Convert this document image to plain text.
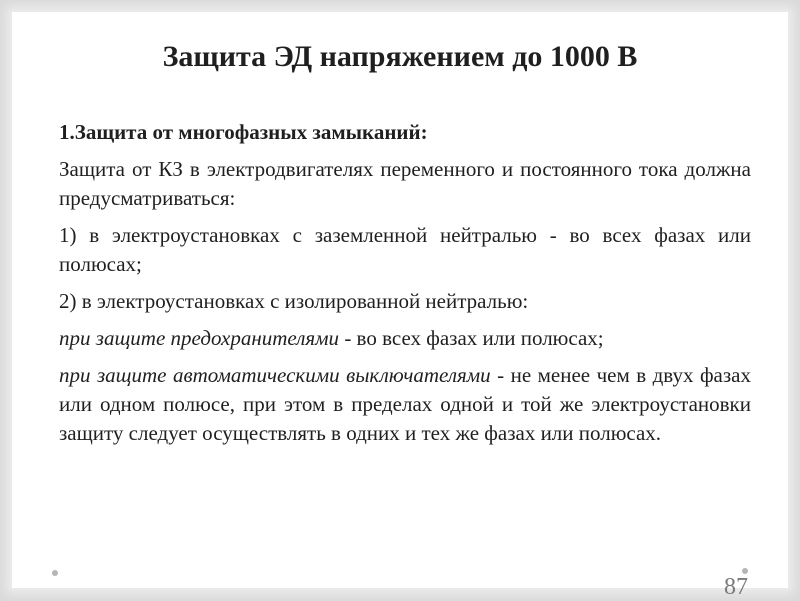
Защита ЭД напряжением до 1000 В

1.Защита от многофазных замыканий:

Защита от КЗ в электродвигателях переменного и постоянного тока должна предусматриваться:

1) в электроустановках с заземленной нейтралью - во всех фазах или полюсах;

2) в электроустановках с изолированной нейтралью:

при защите предохранителями - во всех фазах или полюсах;

при защите автоматическими выключателями - не менее чем в двух фазах или одном полюсе, при этом в пределах одной и той же электроустановки защиту следует осуществлять в одних и тех же фазах или полюсах.

87
